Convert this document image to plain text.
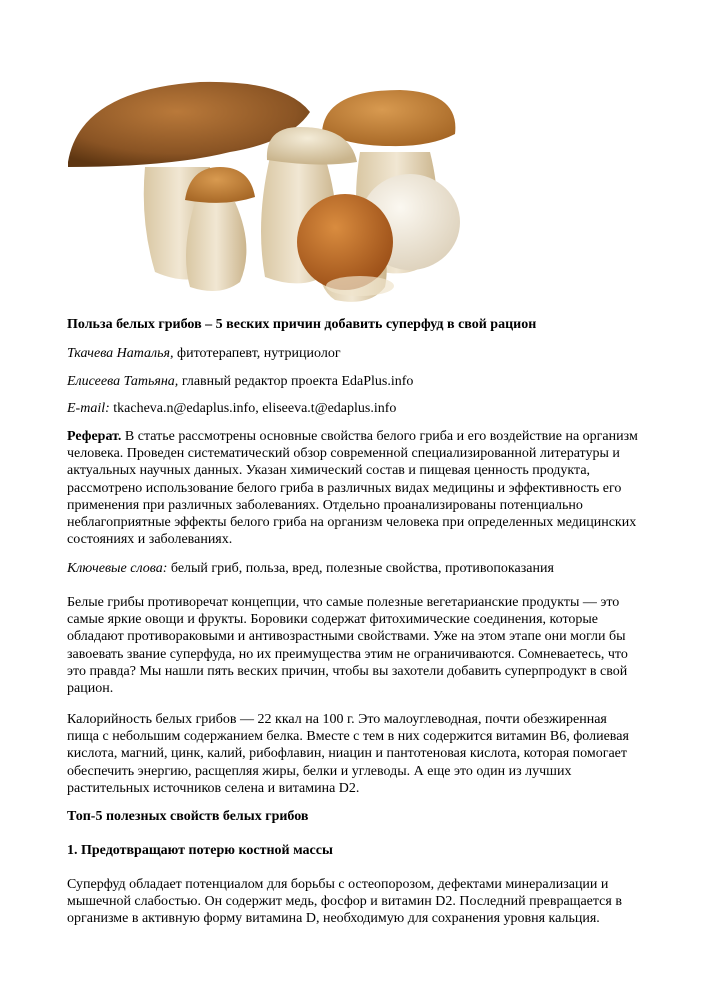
Польза белых грибов – 5 веских причин добавить суперфуд в свой рацион
Ткачева Наталья, фитотерапевт, нутрициолог
Елисеева Татьяна, главный редактор проекта EdaPlus.info
E-mail: tkacheva.n@edaplus.info, eliseeva.t@edaplus.info
Реферат. В статье рассмотрены основные свойства белого гриба и его воздействие на организм
человека. Проведен систематический обзор современной специализированной литературы и
актуальных научных данных. Указан химический состав и пищевая ценность продукта,
рассмотрено использование белого гриба в различных видах медицины и эффективность его
применения при различных заболеваниях. Отдельно проанализированы потенциально
неблагоприятные эффекты белого гриба на организм человека при определенных медицинских
состояниях и заболеваниях.
Ключевые слова: белый гриб, польза, вред, полезные свойства, противопоказания
Белые грибы противоречат концепции, что самые полезные вегетарианские продукты — это
самые яркие овощи и фрукты. Боровики содержат фитохимические соединения, которые
обладают противораковыми и антивозрастными свойствами. Уже на этом этапе они могли бы
завоевать звание суперфуда, но их преимущества этим не ограничиваются. Сомневаетесь, что
это правда? Мы нашли пять веских причин, чтобы вы захотели добавить суперпродукт в свой
рацион.
Калорийность белых грибов — 22 ккал на 100 г. Это малоуглеводная, почти обезжиренная
пища с небольшим содержанием белка. Вместе с тем в них содержится витамин B6, фолиевая
кислота, магний, цинк, калий, рибофлавин, ниацин и пантотеновая кислота, которая помогает
обеспечить энергию, расщепляя жиры, белки и углеводы. А еще это один из лучших
растительных источников селена и витамина D2.
Топ-5 полезных свойств белых грибов
1. Предотвращают потерю костной массы
Суперфуд обладает потенциалом для борьбы с остеопорозом, дефектами минерализации и
мышечной слабостью. Он содержит медь, фосфор и витамин D2. Последний превращается в
организме в активную форму витамина D, необходимую для сохранения уровня кальция.
